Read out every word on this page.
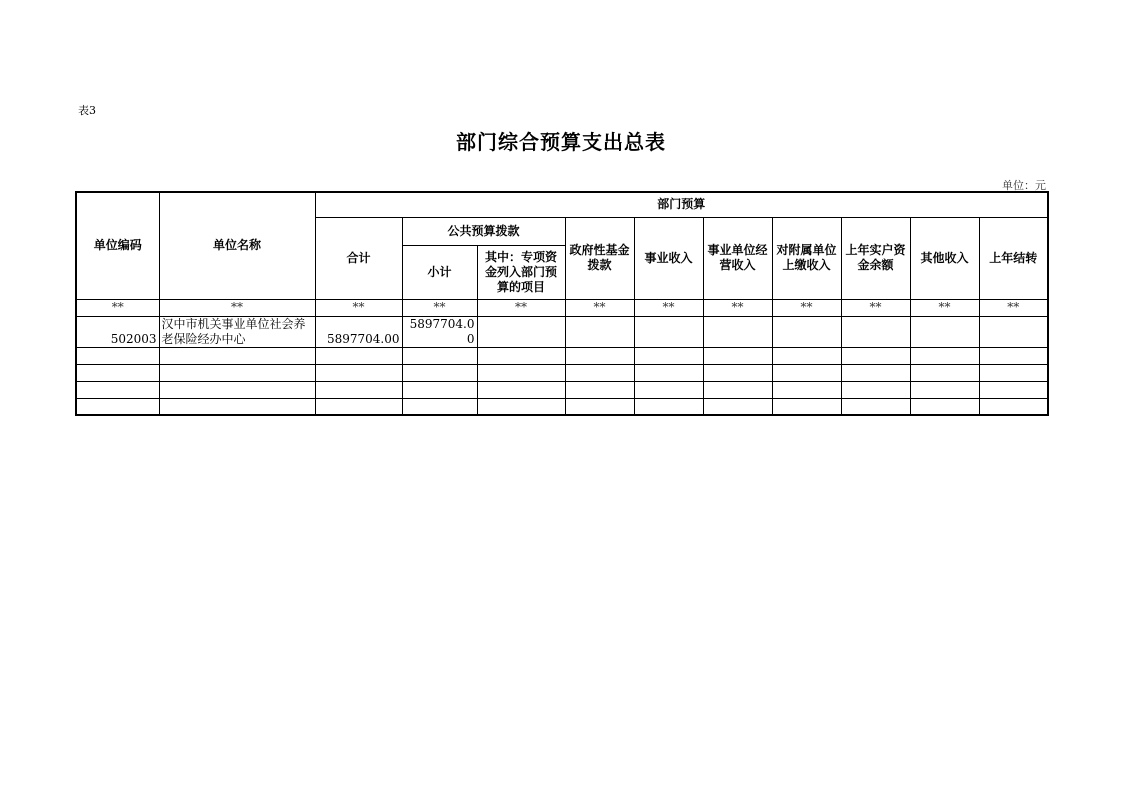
表3
部门综合预算支出总表
单位：元
单位编码	单位名称	部门预算									
		合计	公共预算拨款		政府性基金拨款	事业收入	事业单位经营收入	对附属单位上缴收入	上年实户资金余额	其他收入	上年结转
			小计	其中：专项资金列入部门预算的项目							
**	**	**	**	**	**	**	**	**	**	**	**
502003	汉中市机关事业单位社会养老保险经办中心	5897704.00	5897704.00								
